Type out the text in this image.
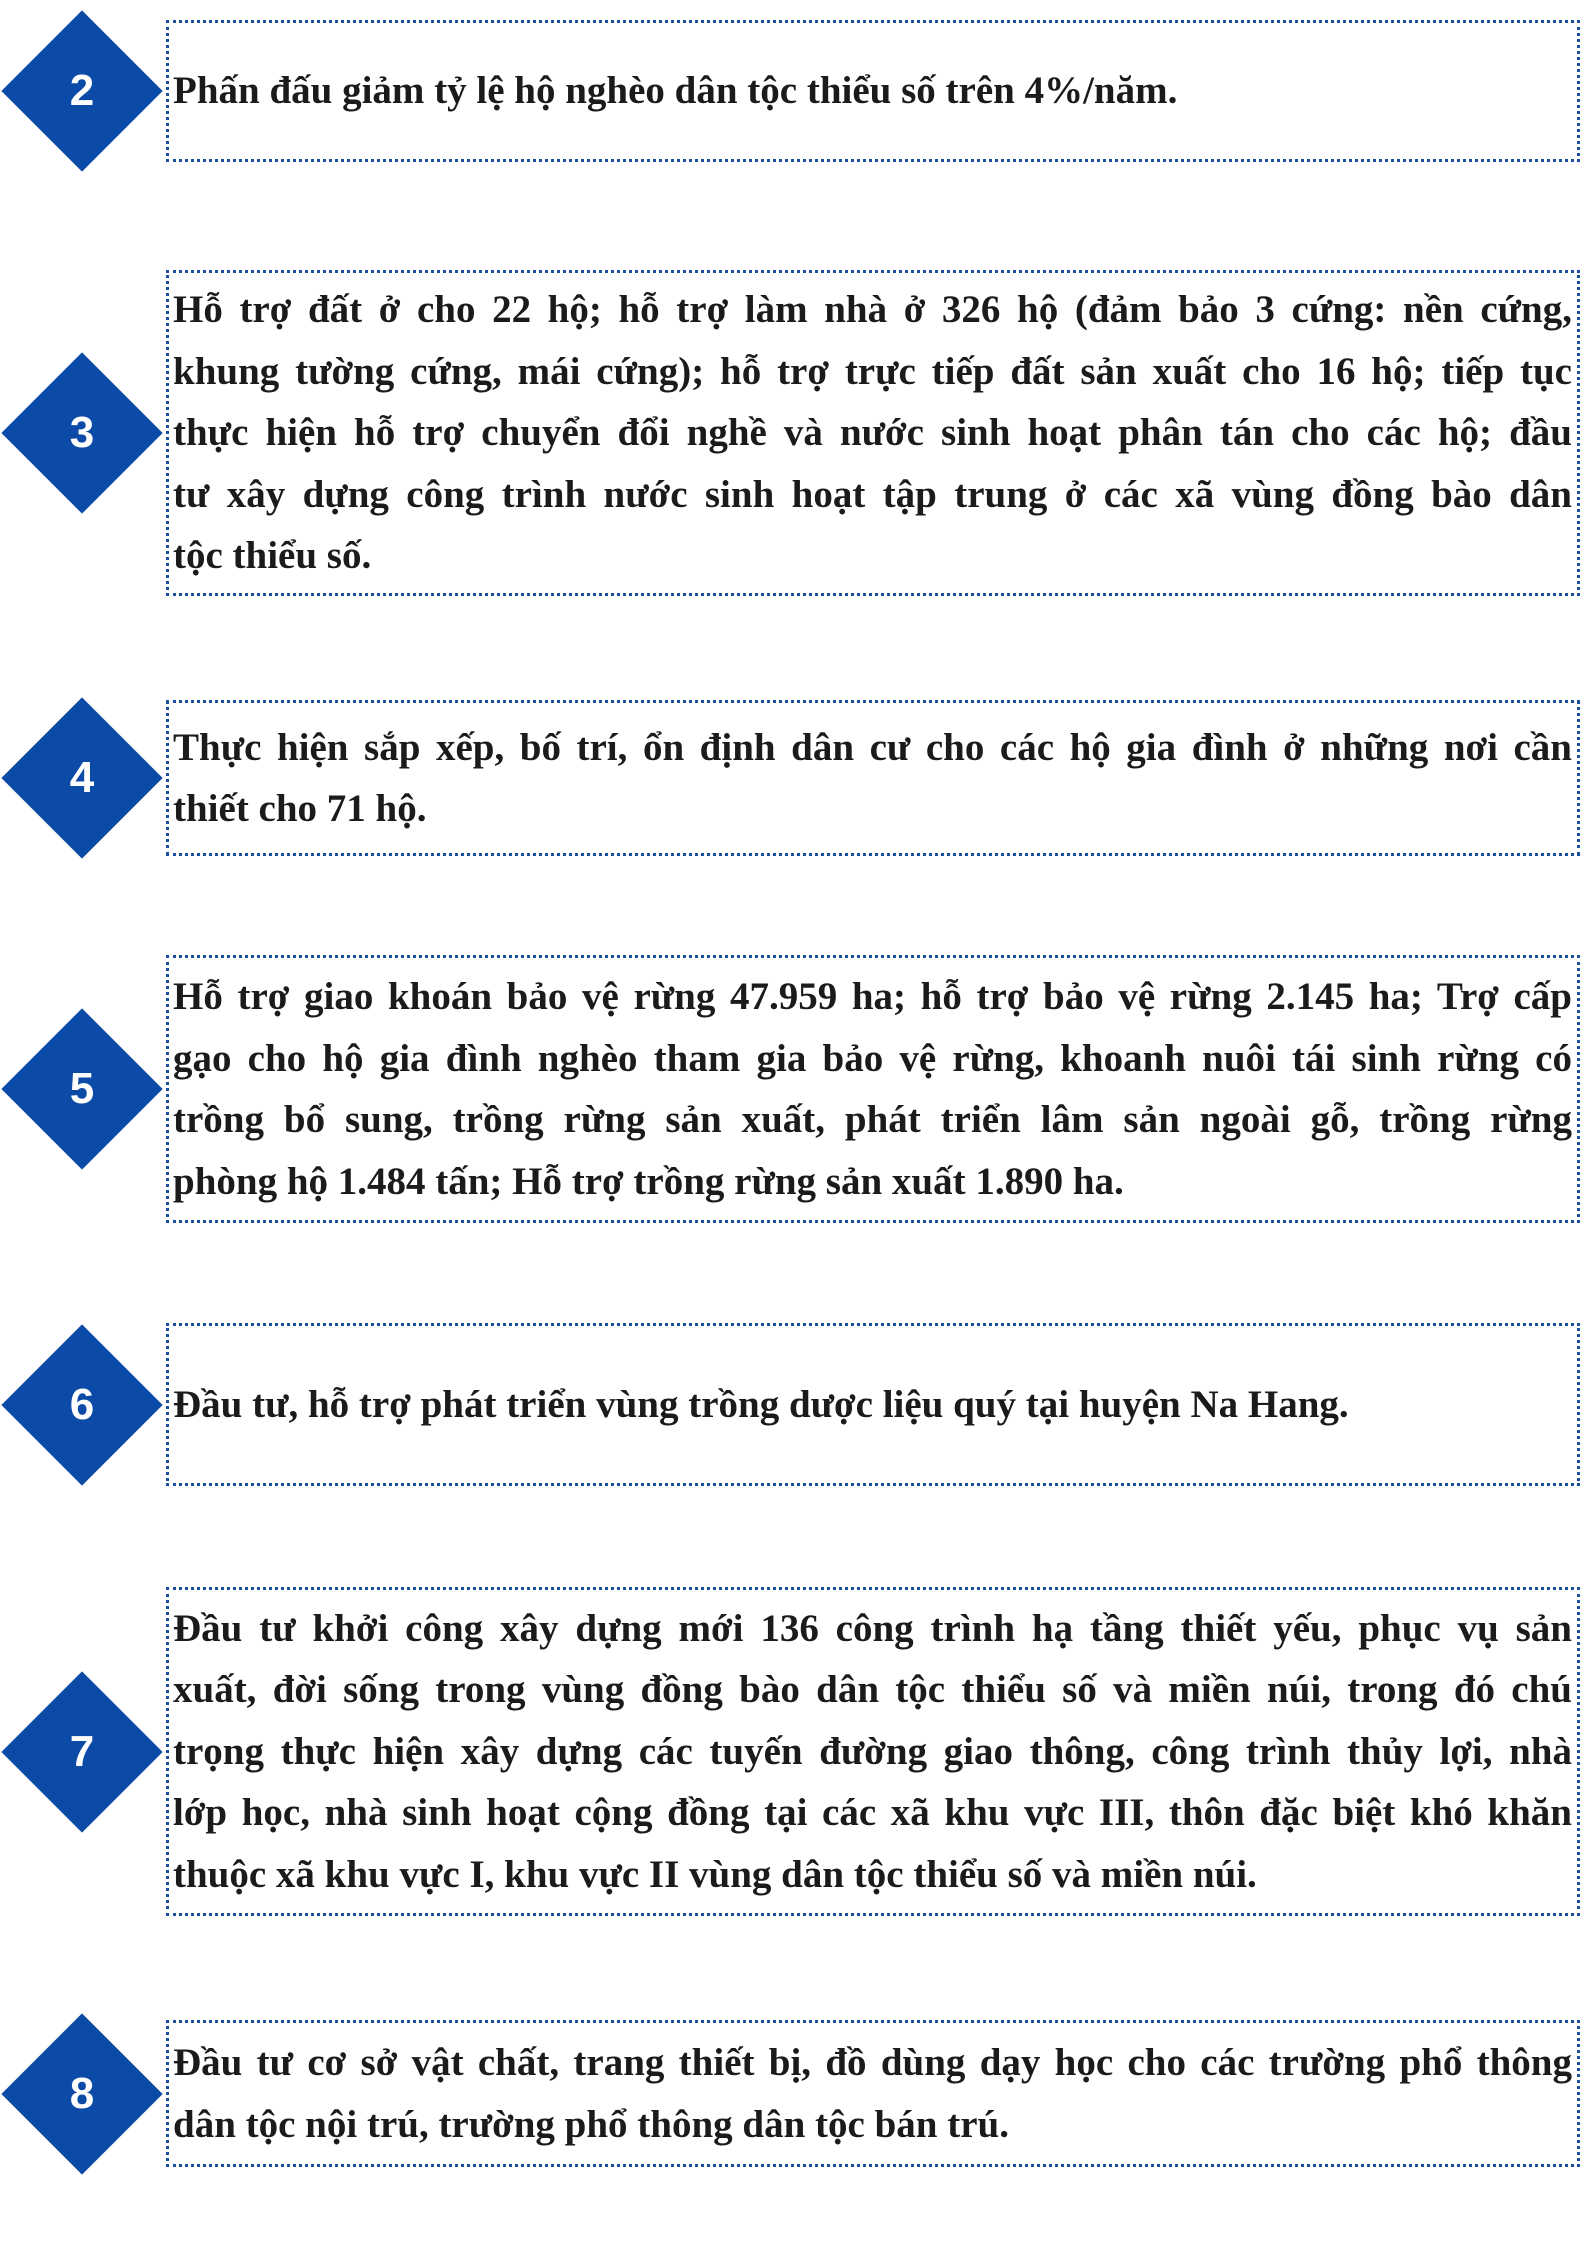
2	Phấn đấu giảm tỷ lệ hộ nghèo dân tộc thiểu số trên 4%/năm.
3
Hỗ trợ đất ở cho 22 hộ; hỗ trợ làm nhà ở 326 hộ (đảm bảo 3 cứng: nền cứng,
khung tường cứng, mái cứng); hỗ trợ trực tiếp đất sản xuất cho 16 hộ; tiếp tục
thực hiện hỗ trợ chuyển đổi nghề và nước sinh hoạt phân tán cho các hộ; đầu
tư xây dựng công trình nước sinh hoạt tập trung ở các xã vùng đồng bào dân
tộc thiểu số.
4
Thực hiện sắp xếp, bố trí, ổn định dân cư cho các hộ gia đình ở những nơi cần
thiết cho 71 hộ.
5
Hỗ trợ giao khoán bảo vệ rừng 47.959 ha; hỗ trợ bảo vệ rừng 2.145 ha; Trợ cấp
gạo cho hộ gia đình nghèo tham gia bảo vệ rừng, khoanh nuôi tái sinh rừng có
trồng bổ sung, trồng rừng sản xuất, phát triển lâm sản ngoài gỗ, trồng rừng
phòng hộ 1.484 tấn; Hỗ trợ trồng rừng sản xuất 1.890 ha.
6	Đầu tư, hỗ trợ phát triển vùng trồng dược liệu quý tại huyện Na Hang.
7
Đầu tư khởi công xây dựng mới 136 công trình hạ tầng thiết yếu, phục vụ sản
xuất, đời sống trong vùng đồng bào dân tộc thiểu số và miền núi, trong đó chú
trọng thực hiện xây dựng các tuyến đường giao thông, công trình thủy lợi, nhà
lớp học, nhà sinh hoạt cộng đồng tại các xã khu vực III, thôn đặc biệt khó khăn
thuộc xã khu vực I, khu vực II vùng dân tộc thiểu số và miền núi.
8
Đầu tư cơ sở vật chất, trang thiết bị, đồ dùng dạy học cho các trường phổ thông
dân tộc nội trú, trường phổ thông dân tộc bán trú.
